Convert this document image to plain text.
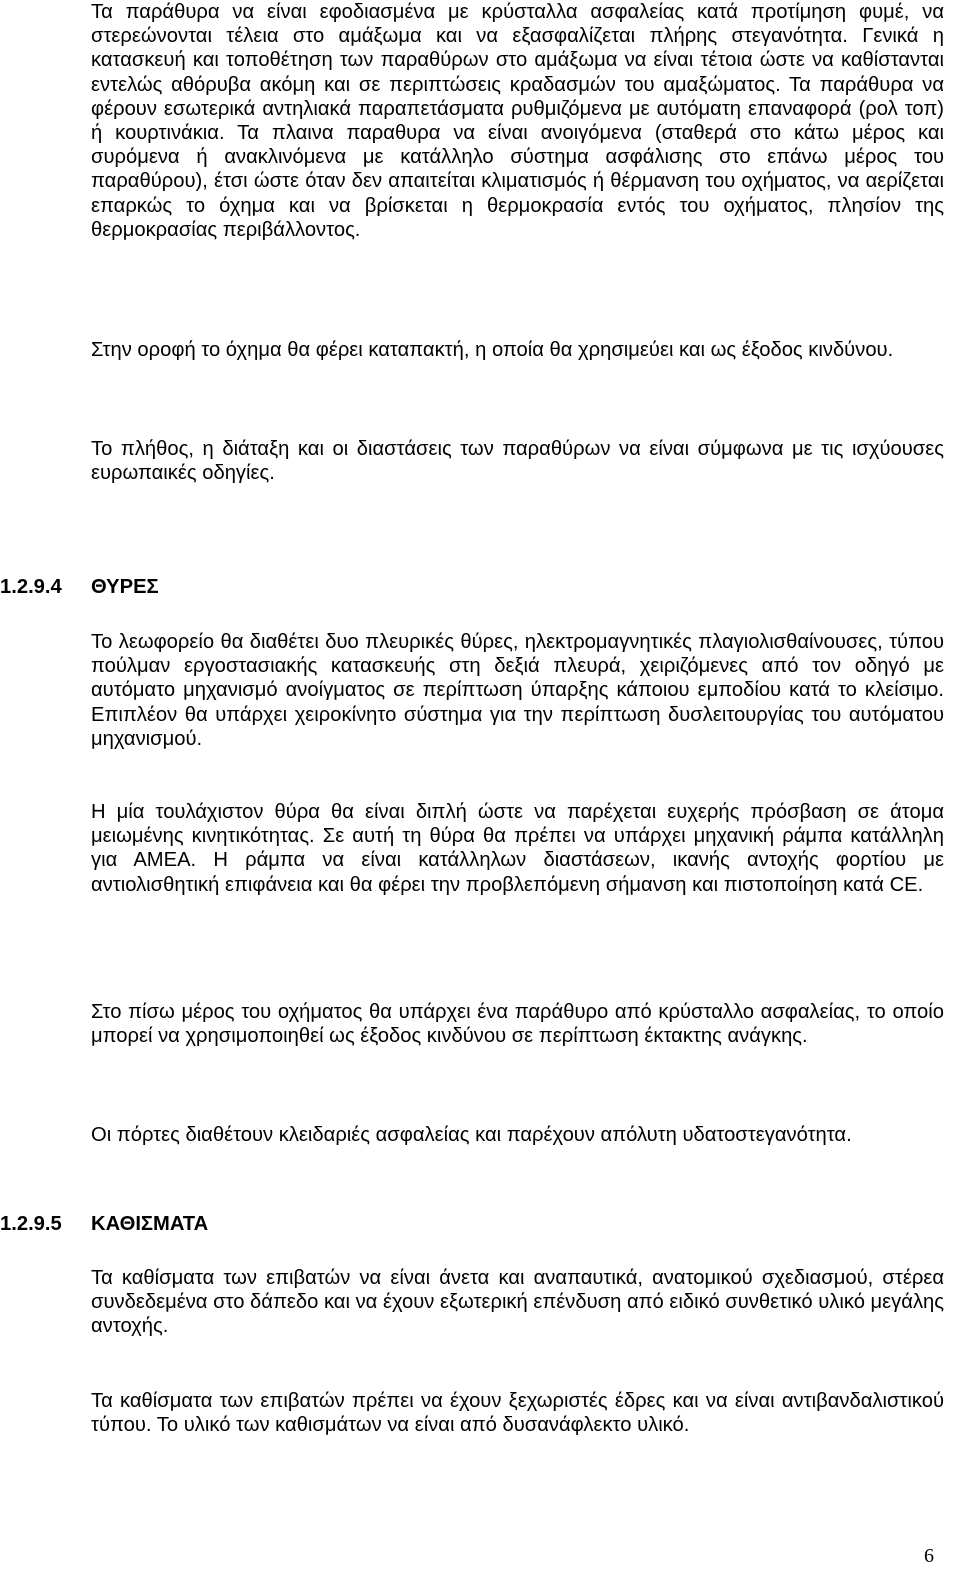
Τα παράθυρα να είναι εφοδιασμένα με κρύσταλλα ασφαλείας κατά προτίμηση φυμέ, να στερεώνονται τέλεια στο αμάξωμα και να εξασφαλίζεται πλήρης στεγανότητα. Γενικά η κατασκευή και τοποθέτηση των παραθύρων στο αμάξωμα να είναι τέτοια ώστε να καθίστανται εντελώς αθόρυβα ακόμη και σε περιπτώσεις κραδασμών του αμαξώματος. Τα παράθυρα να φέρουν εσωτερικά αντηλιακά παραπετάσματα ρυθμιζόμενα με αυτόματη επαναφορά (ρολ τοπ) ή κουρτινάκια. Τα πλαινα παραθυρα να είναι ανοιγόμενα (σταθερά στο κάτω μέρος και συρόμενα ή ανακλινόμενα με κατάλληλο σύστημα ασφάλισης στο επάνω μέρος του παραθύρου), έτσι ώστε όταν δεν απαιτείται κλιματισμός ή θέρμανση του οχήματος, να αερίζεται επαρκώς το όχημα και να βρίσκεται η θερμοκρασία εντός του οχήματος, πλησίον της θερμοκρασίας περιβάλλοντος.

Στην οροφή το όχημα θα φέρει καταπακτή, η οποία θα χρησιμεύει και ως έξοδος κινδύνου.

Το πλήθος, η διάταξη και οι διαστάσεις των παραθύρων να είναι σύμφωνα με τις ισχύουσες ευρωπαικές οδηγίες.

1.2.9.4 ΘΥΡΕΣ

Το λεωφορείο θα διαθέτει δυο πλευρικές θύρες, ηλεκτρομαγνητικές πλαγιολισθαίνουσες, τύπου πούλμαν εργοστασιακής κατασκευής στη δεξιά πλευρά, χειριζόμενες από τον οδηγό με αυτόματο μηχανισμό ανοίγματος σε περίπτωση ύπαρξης κάποιου εμποδίου κατά το κλείσιμο. Επιπλέον θα υπάρχει χειροκίνητο σύστημα για την περίπτωση δυσλειτουργίας του αυτόματου μηχανισμού.

Η μία τουλάχιστον θύρα θα είναι διπλή ώστε να παρέχεται ευχερής πρόσβαση σε άτομα μειωμένης κινητικότητας. Σε αυτή τη θύρα θα πρέπει να υπάρχει μηχανική ράμπα κατάλληλη για ΑΜΕΑ. Η ράμπα να είναι κατάλληλων διαστάσεων, ικανής αντοχής φορτίου με αντιολισθητική επιφάνεια και θα φέρει την προβλεπόμενη σήμανση και πιστοποίηση κατά CE.

Στο πίσω μέρος του οχήματος θα υπάρχει ένα παράθυρο από κρύσταλλο ασφαλείας, το οποίο μπορεί να χρησιμοποιηθεί ως έξοδος κινδύνου σε περίπτωση έκτακτης ανάγκης.

Οι πόρτες διαθέτουν κλειδαριές ασφαλείας και παρέχουν απόλυτη υδατοστεγανότητα.

1.2.9.5 ΚΑΘΙΣΜΑΤΑ

Τα καθίσματα των επιβατών να είναι άνετα και αναπαυτικά, ανατομικού σχεδιασμού, στέρεα συνδεδεμένα στο δάπεδο και να έχουν εξωτερική επένδυση από ειδικό συνθετικό υλικό μεγάλης αντοχής.

Τα καθίσματα των επιβατών πρέπει να έχουν ξεχωριστές έδρες και να είναι αντιβανδαλιστικού τύπου. Το υλικό των καθισμάτων να είναι από δυσανάφλεκτο υλικό.

6
